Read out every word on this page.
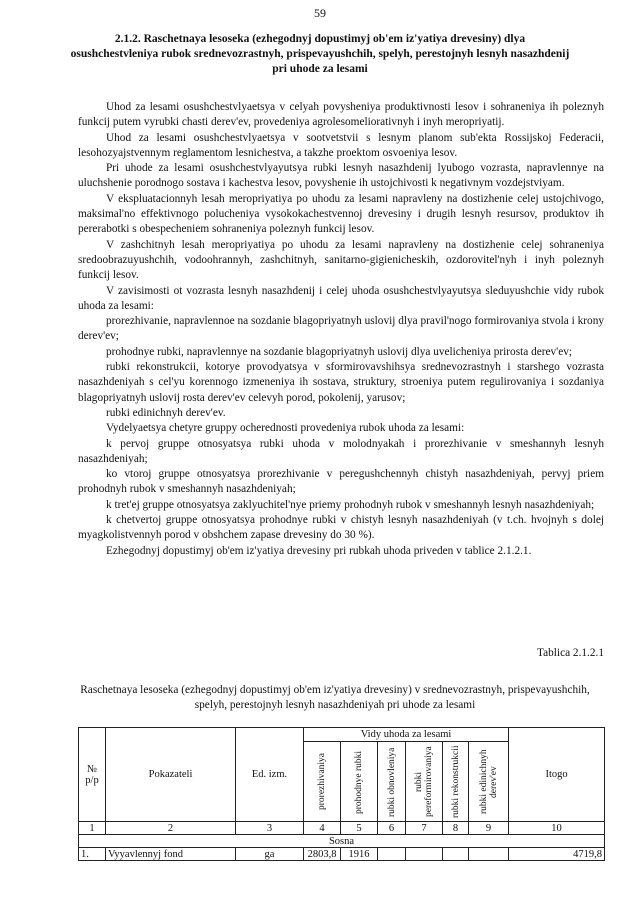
59
2.1.2. Raschetnaya lesoseka (ezhegodnyj dopustimyj ob'em iz'yatiya drevesiny) dlya osushchestvleniya rubok srednevozrastnyh, prispevayushchih, spelyh, perestojnyh lesnyh nasazhdenij pri uhode za lesami

Uhod za lesami osushchestvlyaetsya v celyah povysheniya produktivnosti lesov i sohraneniya ih poleznyh funkcij putem vyrubki chasti derev'ev, provedeniya agrolesomeliorativnyh i inyh meropriyatij.

Uhod za lesami osushchestvlyaetsya v sootvetstvii s lesnym planom sub'ekta Rossijskoj Federacii, lesohozyajstvennym reglamentom lesnichestva, a takzhe proektom osvoeniya lesov.

Pri uhode za lesami osushchestvlyayutsya rubki lesnyh nasazhdenij lyubogo vozrasta, napravlennye na uluchshenie porodnogo sostava i kachestva lesov, povyshenie ih ustojchivosti k negativnym vozdejstviyam.

V ekspluatacionnyh lesah meropriyatiya po uhodu za lesami napravleny na dostizhenie celej ustojchivogo, maksimal'no effektivnogo polucheniya vysokokachestvennoj drevesiny i drugih lesnyh resursov, produktov ih pererabotki s obespecheniem sohraneniya poleznyh funkcij lesov.

V zashchitnyh lesah meropriyatiya po uhodu za lesami napravleny na dostizhenie celej sohraneniya sredoobrazuyushchih, vodoohrannyh, zashchitnyh, sanitarno-gigienicheskih, ozdorovitel'nyh i inyh poleznyh funkcij lesov.

V zavisimosti ot vozrasta lesnyh nasazhdenij i celej uhoda osushchestvlyayutsya sleduyushchie vidy rubok uhoda za lesami:

prorezhivanie, napravlennoe na sozdanie blagopriyatnyh uslovij dlya pravil'nogo formirovaniya stvola i krony derev'ev;

prohodnye rubki, napravlennye na sozdanie blagopriyatnyh uslovij dlya uvelicheniya prirosta derev'ev;

rubki rekonstrukcii, kotorye provodyatsya v sformirovavshihsya srednevozrastnyh i starshego vozrasta nasazhdeniyah s cel'yu korennogo izmeneniya ih sostava, struktury, stroeniya putem regulirovaniya i sozdaniya blagopriyatnyh uslovij rosta derev'ev celevyh porod, pokolenij, yarusov;

rubki edinichnyh derev'ev.

Vydelyaetsya chetyre gruppy ocherednosti provedeniya rubok uhoda za lesami:

k pervoj gruppe otnosyatsya rubki uhoda v molodnyakah i prorezhivanie v smeshannyh lesnyh nasazhdeniyah;

ko vtoroj gruppe otnosyatsya prorezhivanie v peregushchennyh chistyh nasazhdeniyah, pervyj priem prohodnyh rubok v smeshannyh nasazhdeniyah;

k tret'ej gruppe otnosyatsya zaklyuchitel'nye priemy prohodnyh rubok v smeshannyh lesnyh nasazhdeniyah;

k chetvertoj gruppe otnosyatsya prohodnye rubki v chistyh lesnyh nasazhdeniyah (v t.ch. hvojnyh s dolej myagkolistvennyh porod v obshchem zapase drevesiny do 30 %).

Ezhegodnyj dopustimyj ob'em iz'yatiya drevesiny pri rubkah uhoda priveden v tablice 2.1.2.1.

Tablica 2.1.2.1
Raschetnaya lesoseka (ezhegodnyj dopustimyj ob'em iz'yatiya drevesiny) v srednevozrastnyh, prispevayushchih, spelyh, perestojnyh lesnyh nasazhdeniyah pri uhode za lesami
№ p/p	Pokazateli	Ed. izm.	Vidy uhoda za lesami						Itogo

			prorezhivaniya	prohodnye rubki	rubki obnovleniya	rubki pereformirovaniya	rubki rekonstrukcii	rubki edinichnyh derev'ev	

1	2	3	4	5	6	7	8	9	10
Sosna									
1.	Vyyavlennyj fond	ga	2803,8	1916					4719,8
